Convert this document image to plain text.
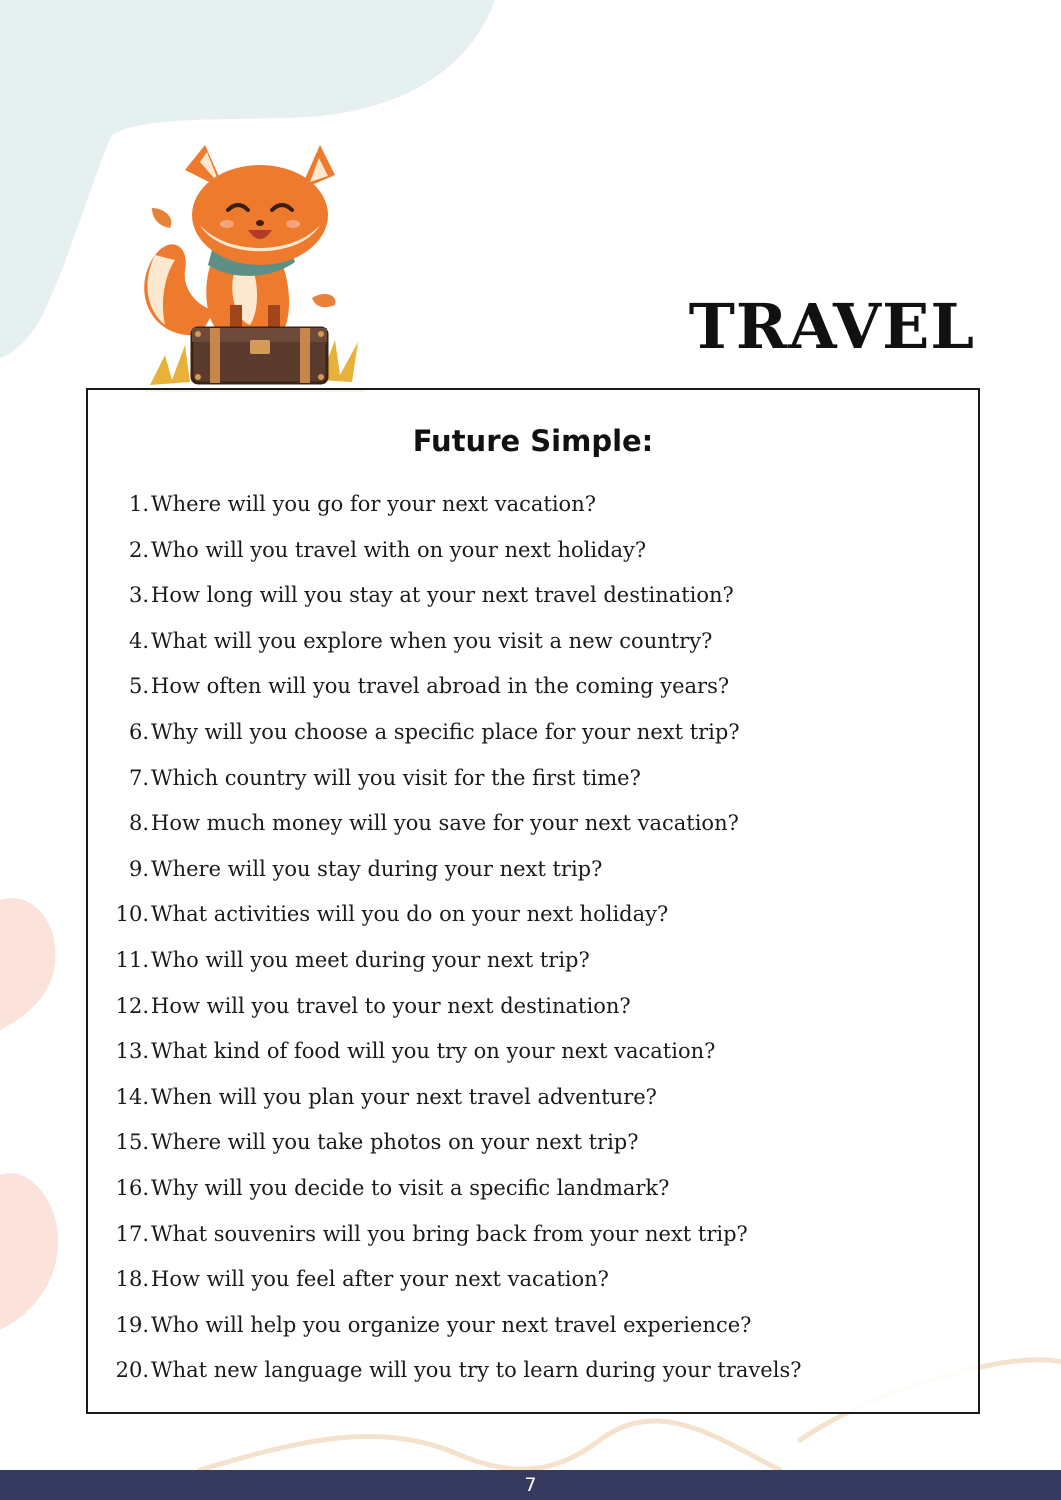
TRAVEL
Future Simple:
1. Where will you go for your next vacation?
2. Who will you travel with on your next holiday?
3. How long will you stay at your next travel destination?
4. What will you explore when you visit a new country?
5. How often will you travel abroad in the coming years?
6. Why will you choose a specific place for your next trip?
7. Which country will you visit for the first time?
8. How much money will you save for your next vacation?
9. Where will you stay during your next trip?
10. What activities will you do on your next holiday?
11. Who will you meet during your next trip?
12. How will you travel to your next destination?
13. What kind of food will you try on your next vacation?
14. When will you plan your next travel adventure?
15. Where will you take photos on your next trip?
16. Why will you decide to visit a specific landmark?
17. What souvenirs will you bring back from your next trip?
18. How will you feel after your next vacation?
19. Who will help you organize your next travel experience?
20. What new language will you try to learn during your travels?
7
